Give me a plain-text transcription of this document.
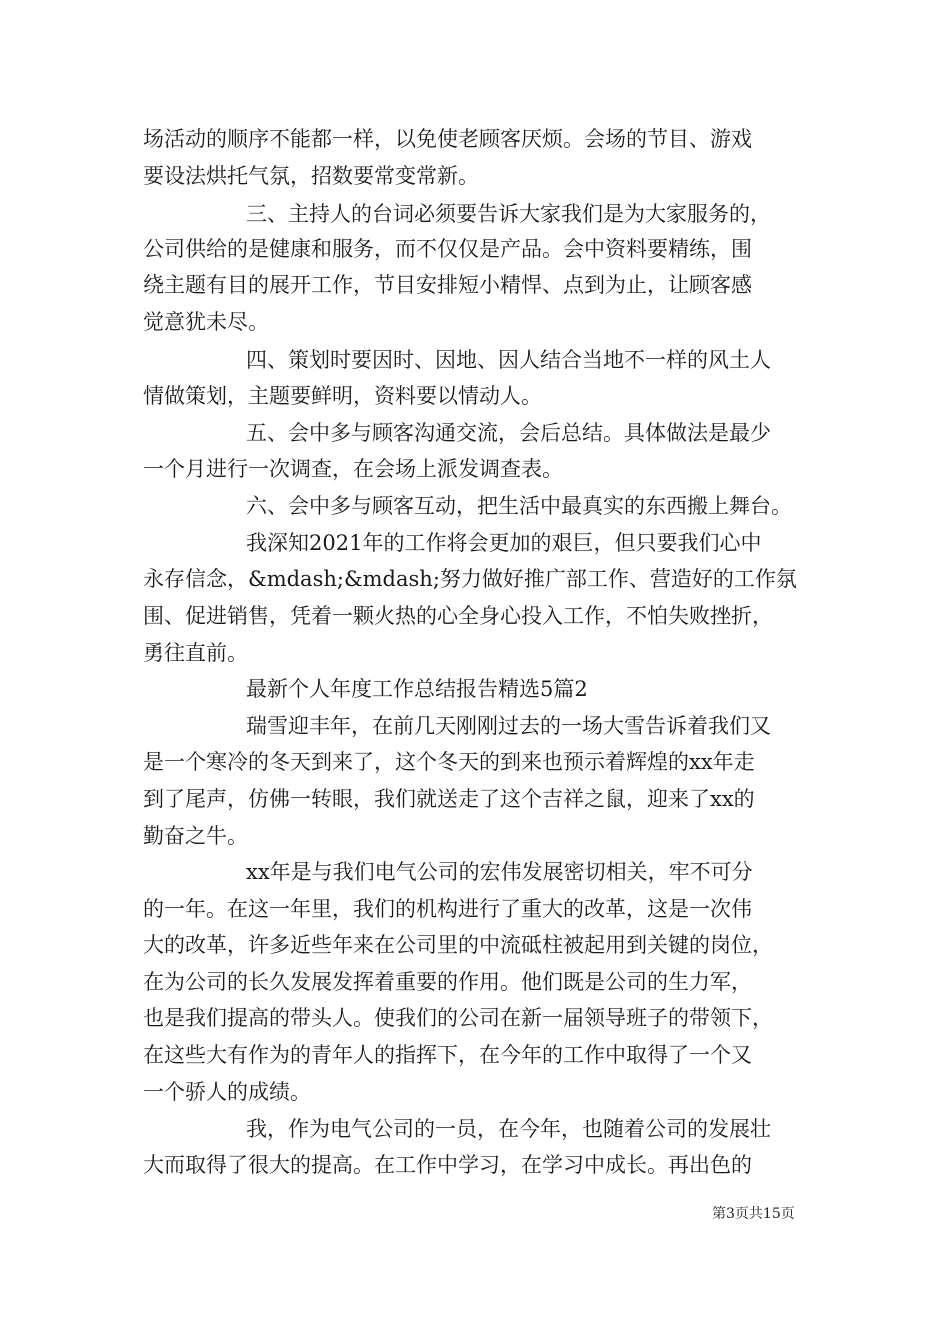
场活动的顺序不能都一样，以免使老顾客厌烦。会场的节目、游戏
要设法烘托气氛，招数要常变常新。
三、主持人的台词必须要告诉大家我们是为大家服务的，
公司供给的是健康和服务，而不仅仅是产品。会中资料要精练，围
绕主题有目的展开工作，节目安排短小精悍、点到为止，让顾客感
觉意犹未尽。
四、策划时要因时、因地、因人结合当地不一样的风土人
情做策划，主题要鲜明，资料要以情动人。
五、会中多与顾客沟通交流，会后总结。具体做法是最少
一个月进行一次调查，在会场上派发调查表。
六、会中多与顾客互动，把生活中最真实的东西搬上舞台。
我深知2021年的工作将会更加的艰巨，但只要我们心中
永存信念，&mdash;&mdash;努力做好推广部工作、营造好的工作氛
围、促进销售，凭着一颗火热的心全身心投入工作，不怕失败挫折，
勇往直前。
最新个人年度工作总结报告精选5篇2
瑞雪迎丰年，在前几天刚刚过去的一场大雪告诉着我们又
是一个寒冷的冬天到来了，这个冬天的到来也预示着辉煌的xx年走
到了尾声，仿佛一转眼，我们就送走了这个吉祥之鼠，迎来了xx的
勤奋之牛。
xx年是与我们电气公司的宏伟发展密切相关，牢不可分
的一年。在这一年里，我们的机构进行了重大的改革，这是一次伟
大的改革，许多近些年来在公司里的中流砥柱被起用到关键的岗位，
在为公司的长久发展发挥着重要的作用。他们既是公司的生力军，
也是我们提高的带头人。使我们的公司在新一届领导班子的带领下，
在这些大有作为的青年人的指挥下，在今年的工作中取得了一个又
一个骄人的成绩。
我，作为电气公司的一员，在今年，也随着公司的发展壮
大而取得了很大的提高。在工作中学习，在学习中成长。再出色的
第3页共15页
